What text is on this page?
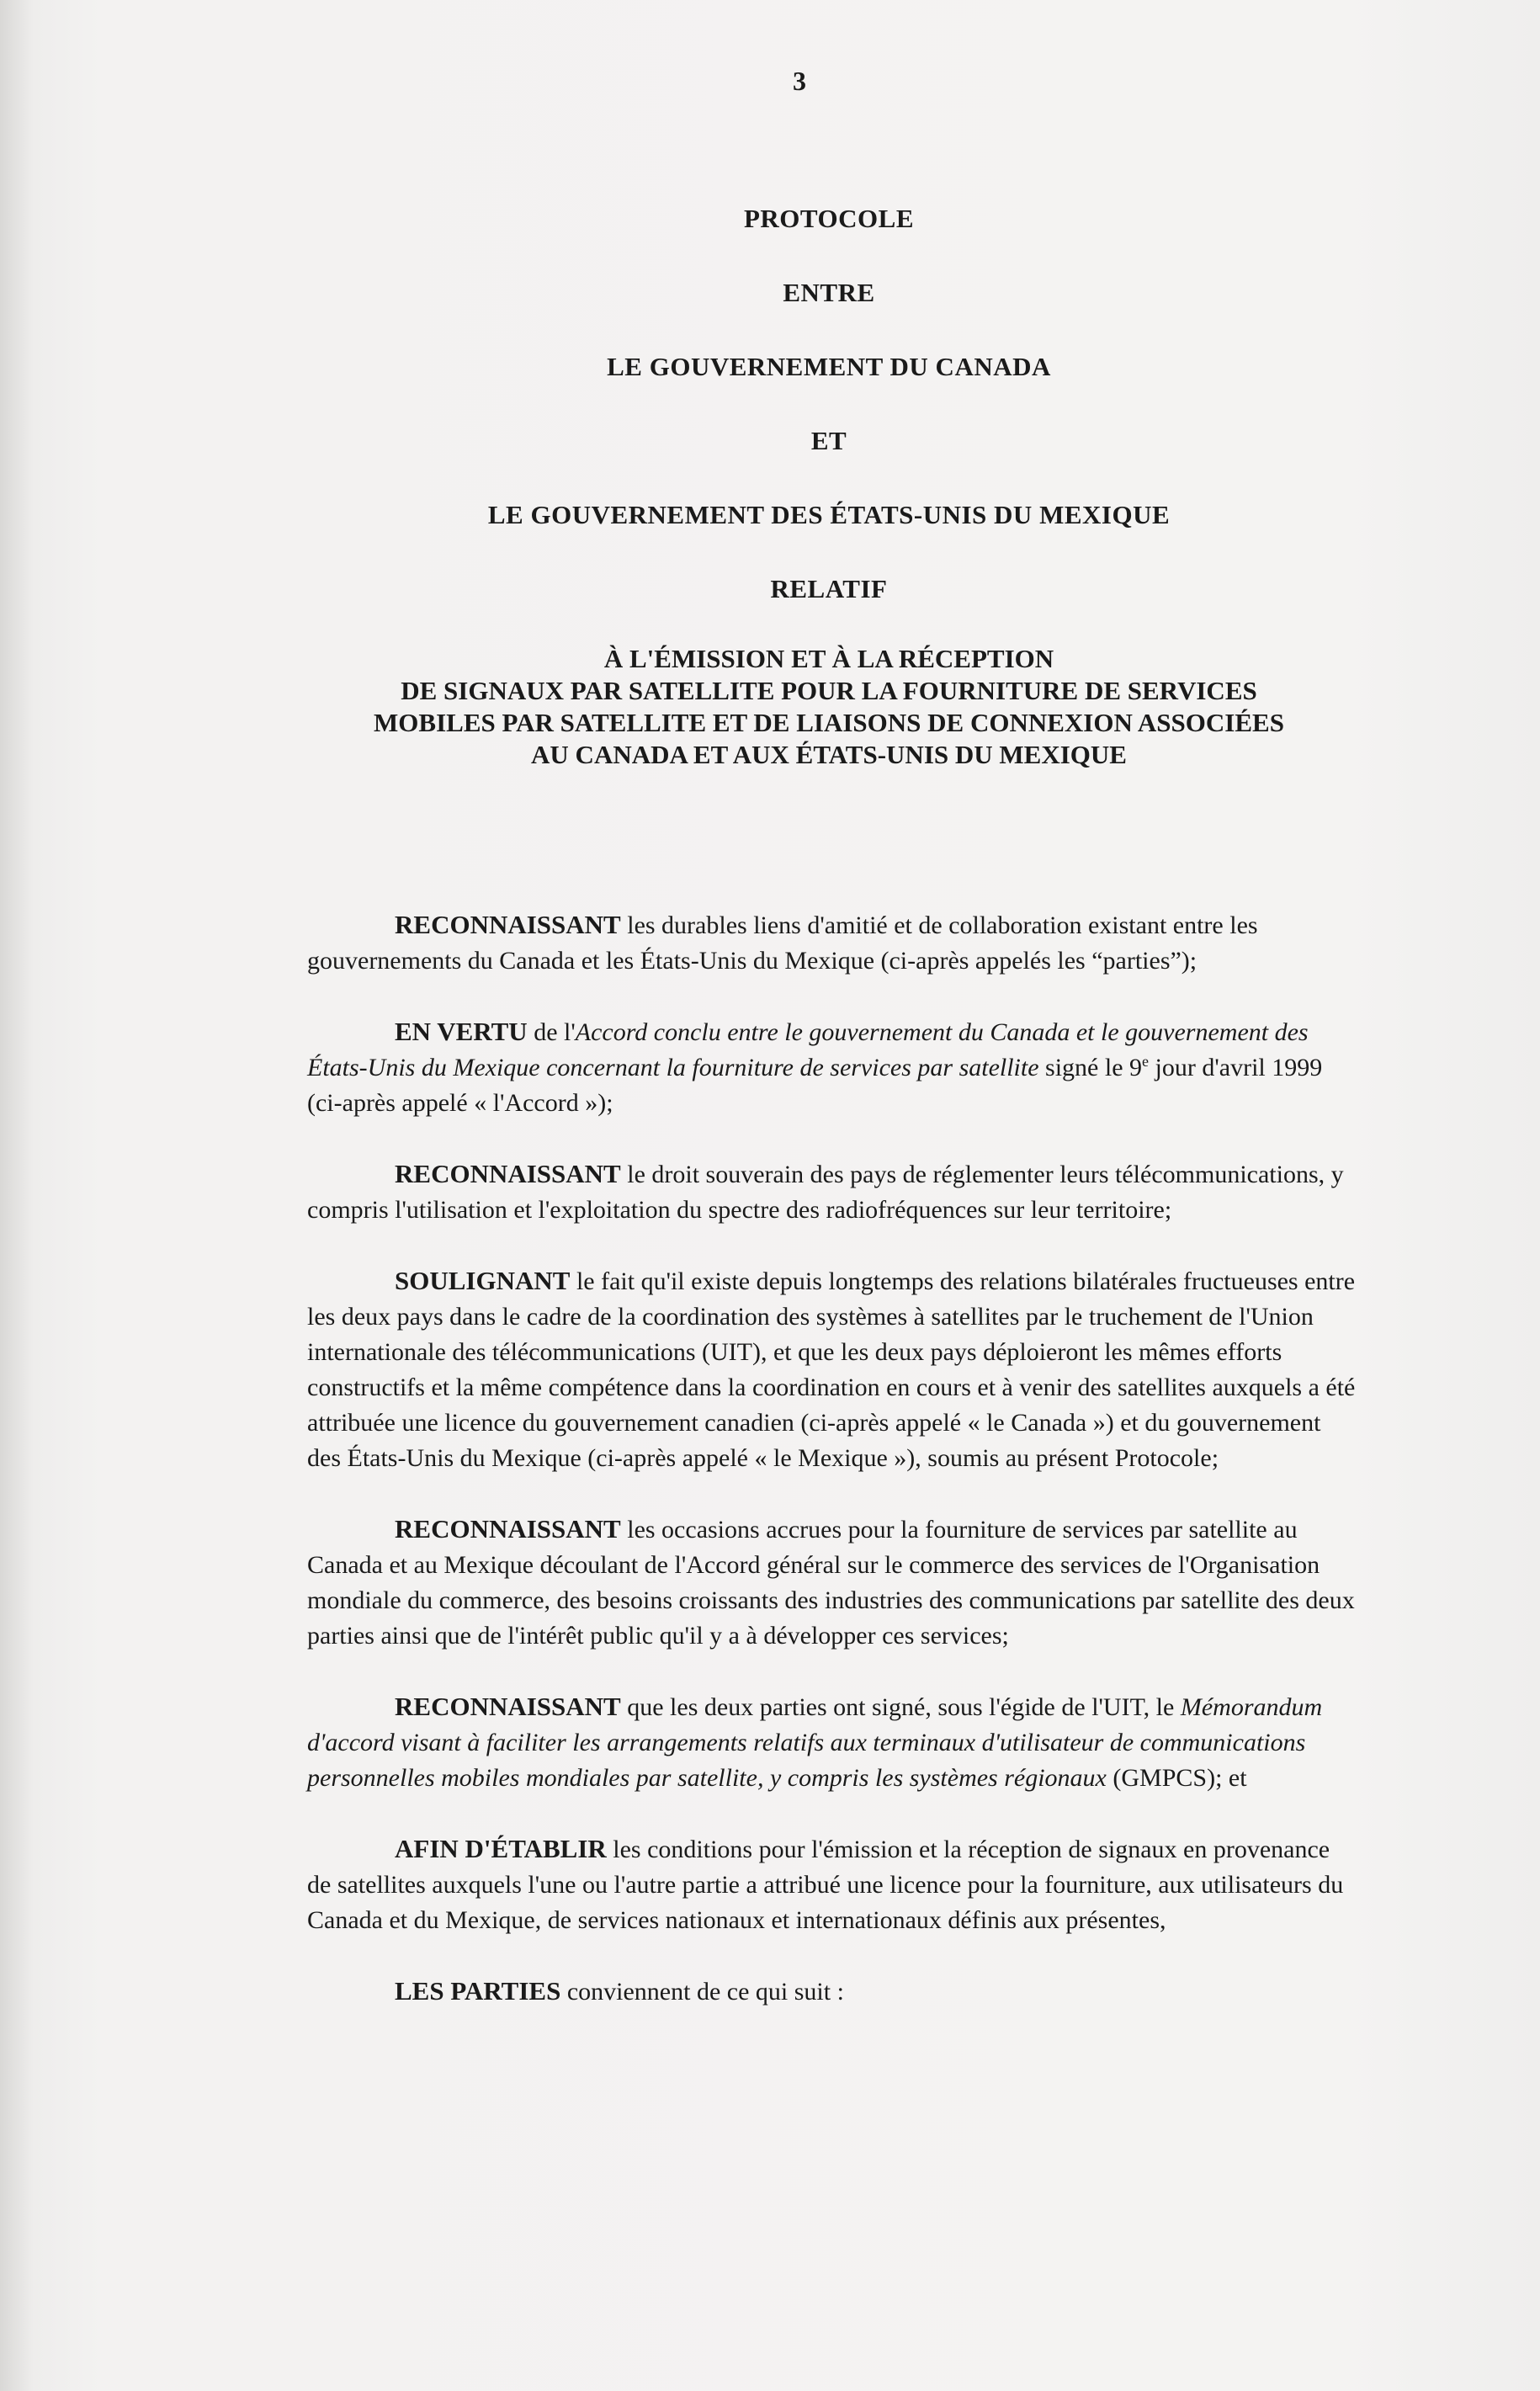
3

PROTOCOLE

ENTRE

LE GOUVERNEMENT DU CANADA

ET

LE GOUVERNEMENT DES ÉTATS-UNIS DU MEXIQUE

RELATIF

À L'ÉMISSION ET À LA RÉCEPTION
DE SIGNAUX PAR SATELLITE POUR LA FOURNITURE DE SERVICES
MOBILES PAR SATELLITE ET DE LIAISONS DE CONNEXION ASSOCIÉES
AU CANADA ET AUX ÉTATS-UNIS DU MEXIQUE

RECONNAISSANT les durables liens d'amitié et de collaboration existant entre les gouvernements du Canada et les États-Unis du Mexique (ci-après appelés les “parties”);

EN VERTU de l'Accord conclu entre le gouvernement du Canada et le gouvernement des États-Unis du Mexique concernant la fourniture de services par satellite signé le 9e jour d'avril 1999 (ci-après appelé « l'Accord »);

RECONNAISSANT le droit souverain des pays de réglementer leurs télécommunications, y compris l'utilisation et l'exploitation du spectre des radiofréquences sur leur territoire;

SOULIGNANT le fait qu'il existe depuis longtemps des relations bilatérales fructueuses entre les deux pays dans le cadre de la coordination des systèmes à satellites par le truchement de l'Union internationale des télécommunications (UIT), et que les deux pays déploieront les mêmes efforts constructifs et la même compétence dans la coordination en cours et à venir des satellites auxquels a été attribuée une licence du gouvernement canadien (ci-après appelé « le Canada ») et du gouvernement des États-Unis du Mexique (ci-après appelé « le Mexique »), soumis au présent Protocole;

RECONNAISSANT les occasions accrues pour la fourniture de services par satellite au Canada et au Mexique découlant de l'Accord général sur le commerce des services de l'Organisation mondiale du commerce, des besoins croissants des industries des communications par satellite des deux parties ainsi que de l'intérêt public qu'il y a à développer ces services;

RECONNAISSANT que les deux parties ont signé, sous l'égide de l'UIT, le Mémorandum d'accord visant à faciliter les arrangements relatifs aux terminaux d'utilisateur de communications personnelles mobiles mondiales par satellite, y compris les systèmes régionaux (GMPCS); et

AFIN D'ÉTABLIR les conditions pour l'émission et la réception de signaux en provenance de satellites auxquels l'une ou l'autre partie a attribué une licence pour la fourniture, aux utilisateurs du Canada et du Mexique, de services nationaux et internationaux définis aux présentes,

LES PARTIES conviennent de ce qui suit :
